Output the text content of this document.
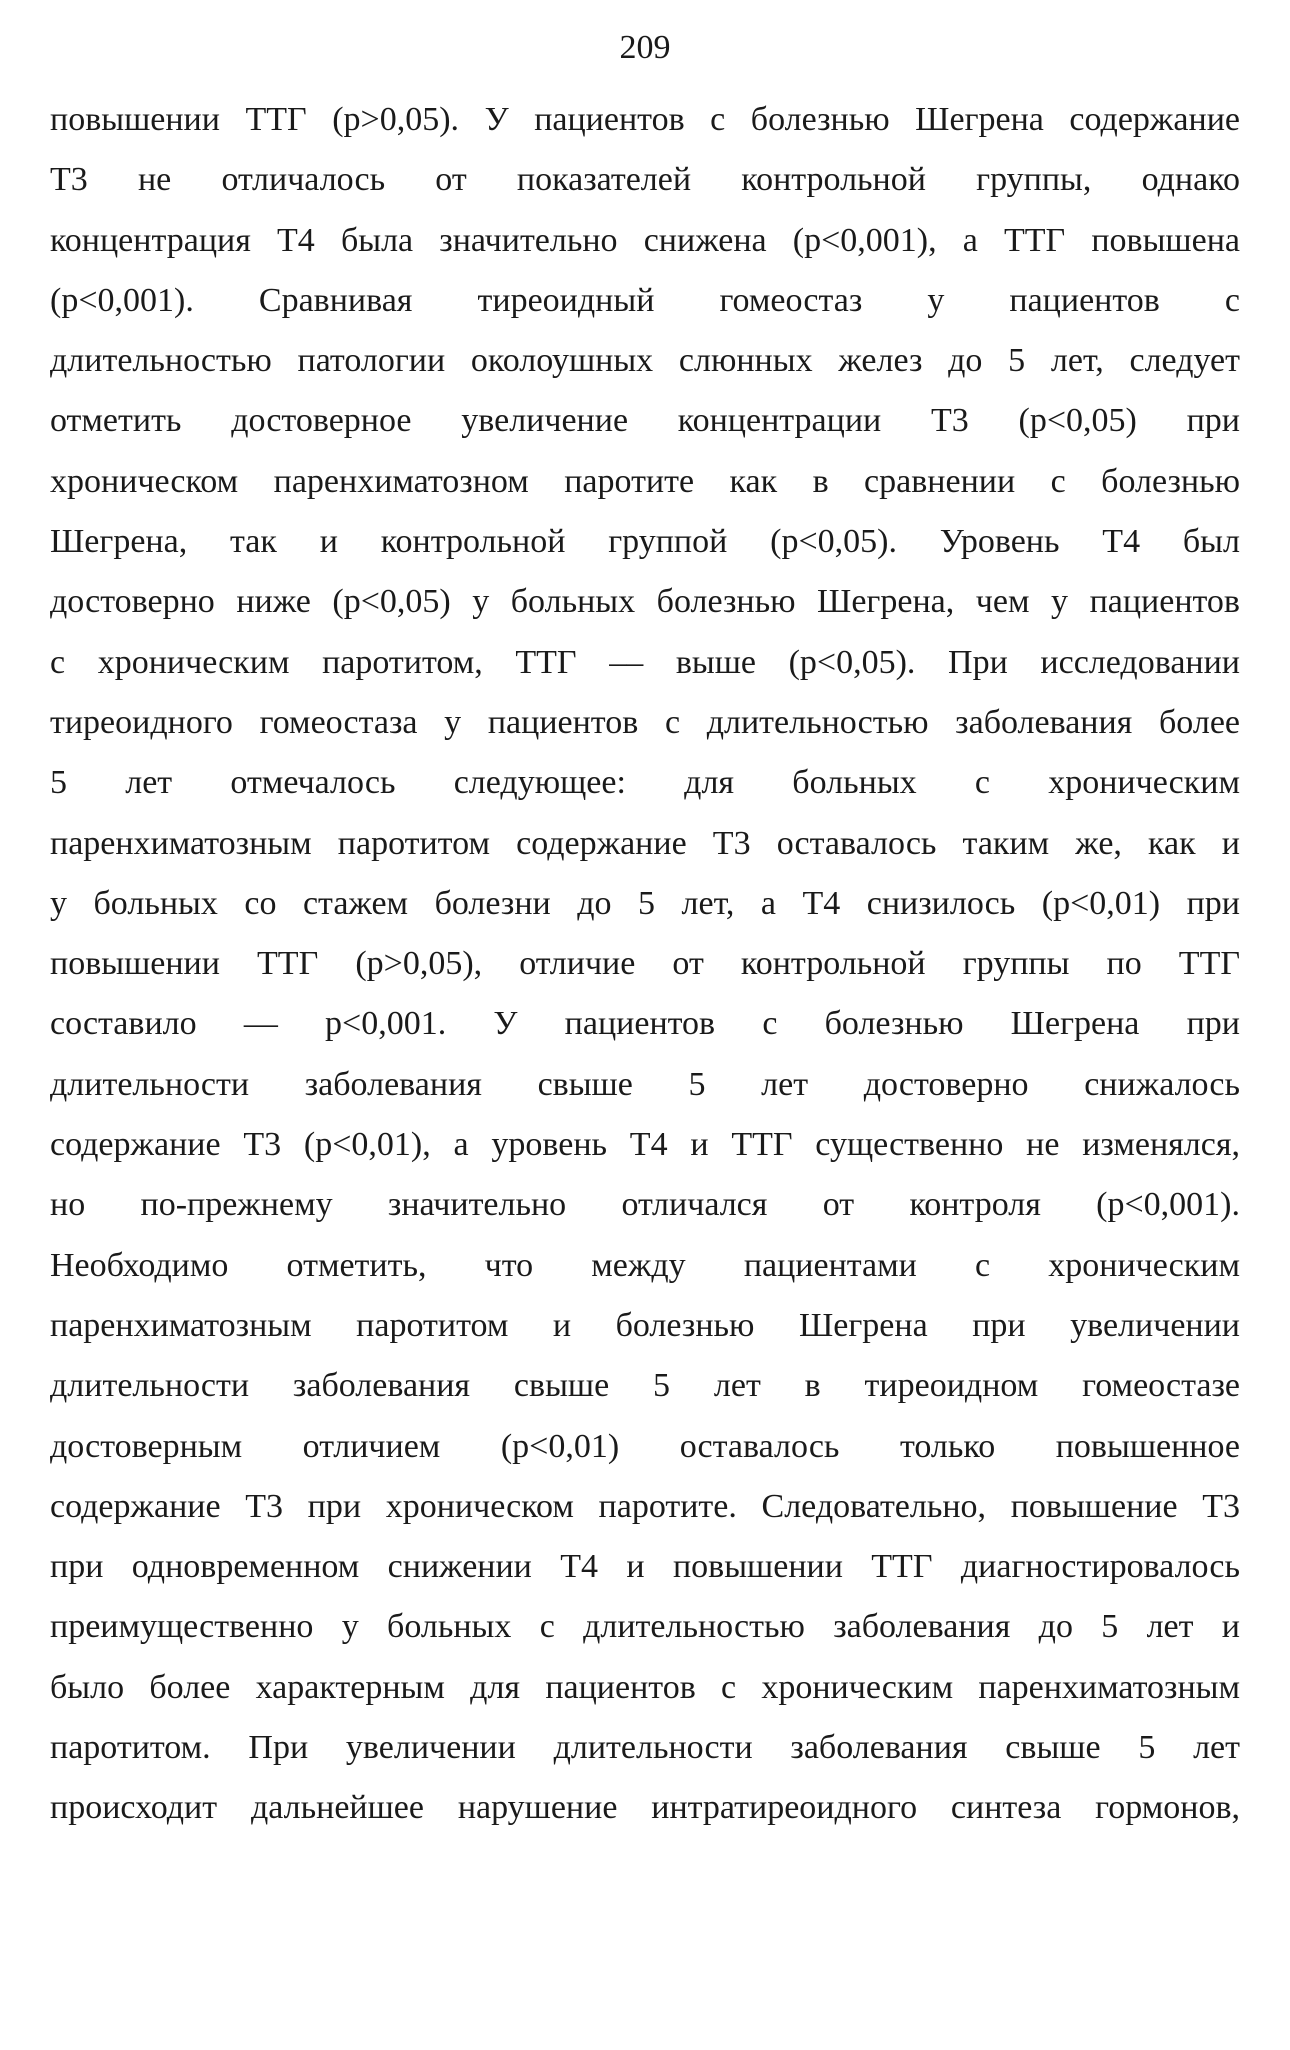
209
повышении ТТГ (р>0,05). У пациентов с болезнью Шегрена содержание
Т3 не отличалось от показателей контрольной группы, однако
концентрация Т4 была значительно снижена (р<0,001), а ТТГ повышена
(р<0,001). Сравнивая тиреоидный гомеостаз у пациентов с
длительностью патологии околоушных слюнных желез до 5 лет, следует
отметить достоверное увеличение концентрации Т3 (р<0,05) при
хроническом паренхиматозном паротите как в сравнении с болезнью
Шегрена, так и контрольной группой (р<0,05). Уровень Т4 был
достоверно ниже (р<0,05) у больных болезнью Шегрена, чем у пациентов
с хроническим паротитом, ТТГ –– выше (р<0,05). При исследовании
тиреоидного гомеостаза у пациентов с длительностью заболевания более
5 лет отмечалось следующее: для больных с хроническим
паренхиматозным паротитом содержание Т3 оставалось таким же, как и
у больных со стажем болезни до 5 лет, а Т4 снизилось (р<0,01) при
повышении ТТГ (р>0,05), отличие от контрольной группы по ТТГ
составило — р<0,001. У пациентов с болезнью Шегрена при
длительности заболевания свыше 5 лет достоверно снижалось
содержание Т3 (р<0,01), а уровень Т4 и ТТГ существенно не изменялся,
но по-прежнему значительно отличался от контроля (р<0,001).
Необходимо отметить, что между пациентами с хроническим
паренхиматозным паротитом и болезнью Шегрена при увеличении
длительности заболевания свыше 5 лет в тиреоидном гомеостазе
достоверным отличием (р<0,01) оставалось только повышенное
содержание Т3 при хроническом паротите. Следовательно, повышение Т3
при одновременном снижении Т4 и повышении ТТГ диагностировалось
преимущественно у больных с длительностью заболевания до 5 лет и
было более характерным для пациентов с хроническим паренхиматозным
паротитом. При увеличении длительности заболевания свыше 5 лет
происходит дальнейшее нарушение интратиреоидного синтеза гормонов,
